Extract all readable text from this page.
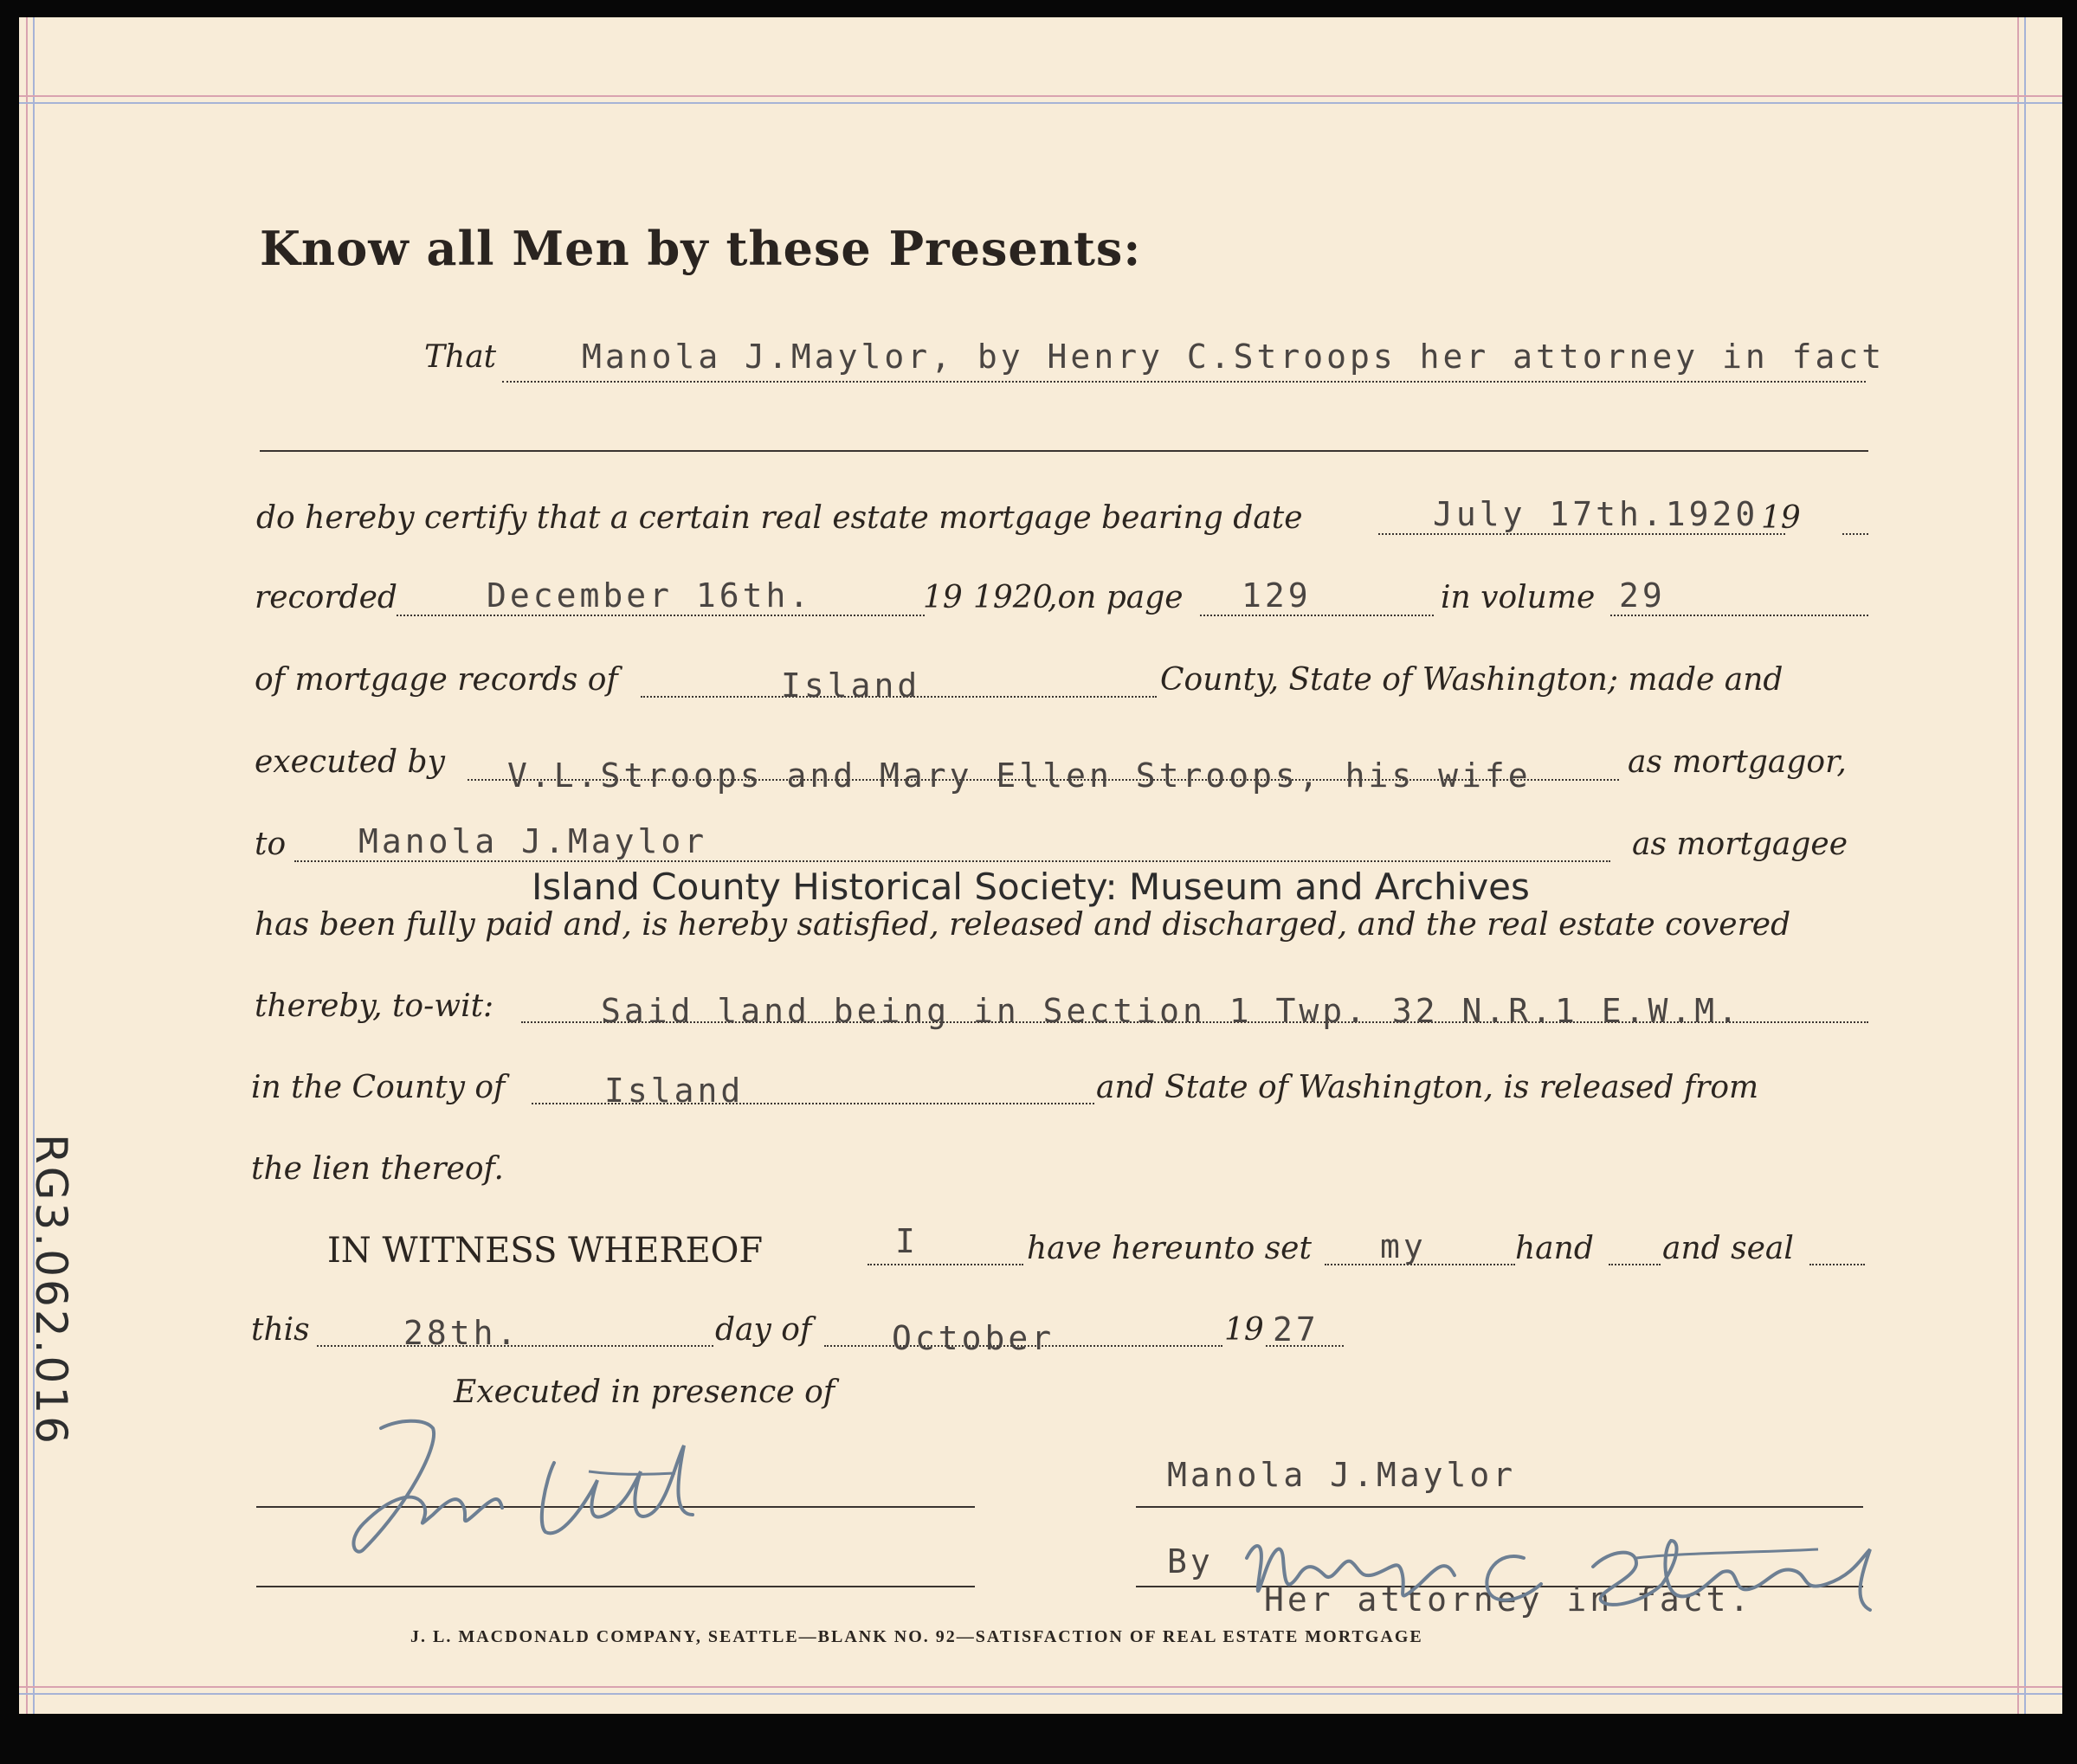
Know all Men by these Presents:
That	Manola J.Maylor, by Henry C.Stroops her attorney in fact
do hereby certify that a certain real estate mortgage bearing date	July 17th.1920 19
recorded	December 16th.	19 1920
,on page 129	in volume 29
of mortgage records of	Island	County, State of Washington; made and
executed by V.L.Stroops and Mary Ellen Stroops, his wife	as mortgagor,
to Manola J.Maylor	as mortgagee
Island County Historical Society: Museum and Archives
has been fully paid and, is hereby satisfied, released and discharged, and the real estate covered
thereby, to-wit:	Said land being in Section 1 Twp. 32 N.R.1 E.W.M.
in the County of	Island	and State of Washington, is released from
the lien thereof.
IN WITNESS WHEREOF	I	have hereunto set my	hand and seal
this	28th.	day of October	19 27
Executed in presence of
Manola J.Maylor
By
Her attorney in fact.
J. L. MACDONALD COMPANY, SEATTLE—BLANK NO. 92—SATISFACTION OF REAL ESTATE MORTGAGE
RG3.062.016
